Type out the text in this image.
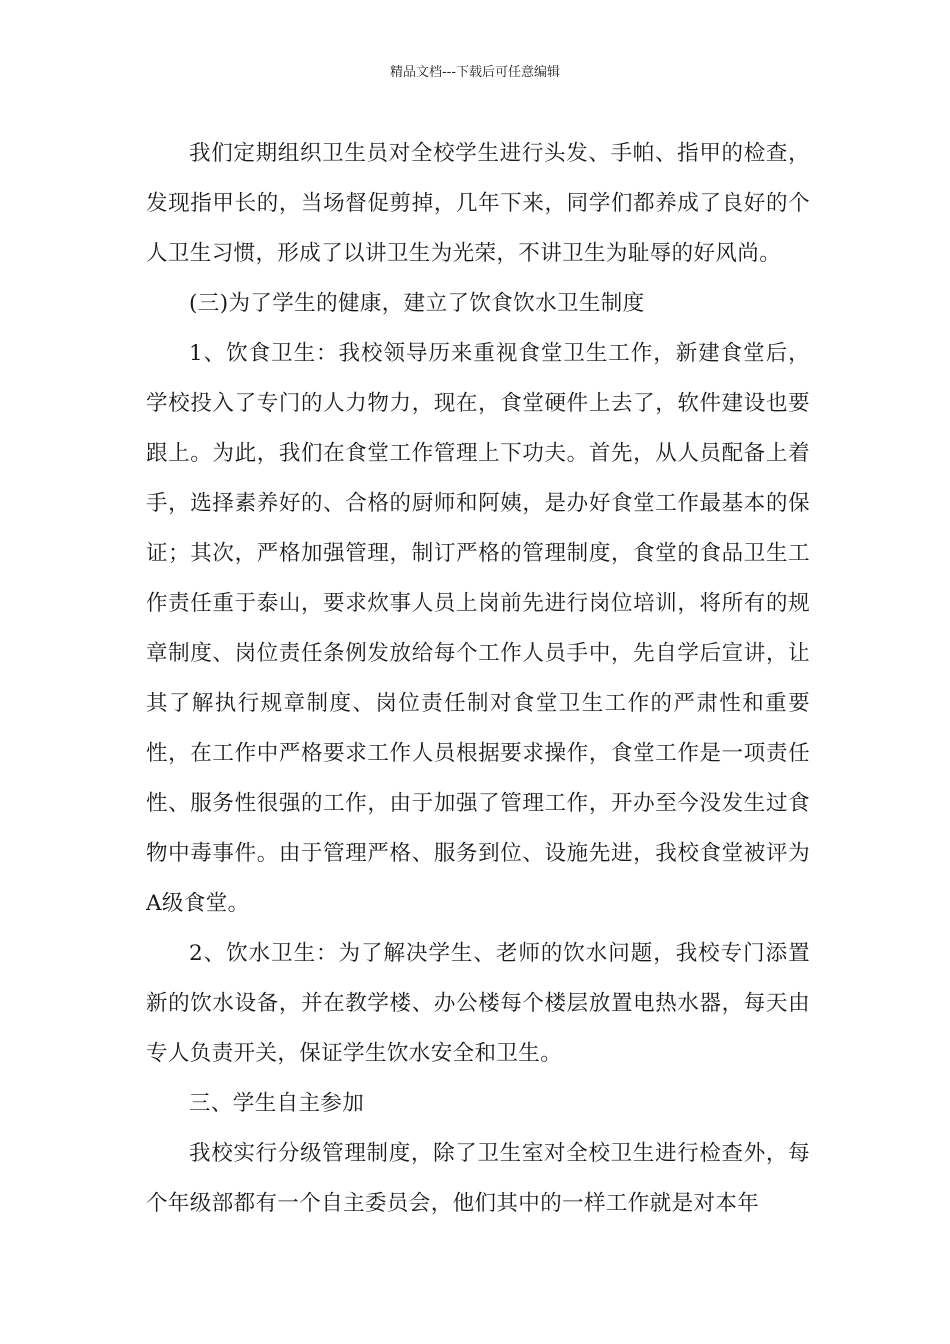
精品文档---下载后可任意编辑

我们定期组织卫生员对全校学生进行头发、手帕、指甲的检查，发现指甲长的，当场督促剪掉，几年下来，同学们都养成了良好的个人卫生习惯，形成了以讲卫生为光荣，不讲卫生为耻辱的好风尚。

(三)为了学生的健康，建立了饮食饮水卫生制度

1、饮食卫生：我校领导历来重视食堂卫生工作，新建食堂后，学校投入了专门的人力物力，现在，食堂硬件上去了，软件建设也要跟上。为此，我们在食堂工作管理上下功夫。首先，从人员配备上着手，选择素养好的、合格的厨师和阿姨，是办好食堂工作最基本的保证；其次，严格加强管理，制订严格的管理制度，食堂的食品卫生工作责任重于泰山，要求炊事人员上岗前先进行岗位培训，将所有的规章制度、岗位责任条例发放给每个工作人员手中，先自学后宣讲，让其了解执行规章制度、岗位责任制对食堂卫生工作的严肃性和重要性，在工作中严格要求工作人员根据要求操作，食堂工作是一项责任性、服务性很强的工作，由于加强了管理工作，开办至今没发生过食物中毒事件。由于管理严格、服务到位、设施先进，我校食堂被评为A级食堂。

2、饮水卫生：为了解决学生、老师的饮水问题，我校专门添置新的饮水设备，并在教学楼、办公楼每个楼层放置电热水器，每天由专人负责开关，保证学生饮水安全和卫生。

三、学生自主参加

我校实行分级管理制度，除了卫生室对全校卫生进行检查外，每个年级部都有一个自主委员会，他们其中的一样工作就是对本年
